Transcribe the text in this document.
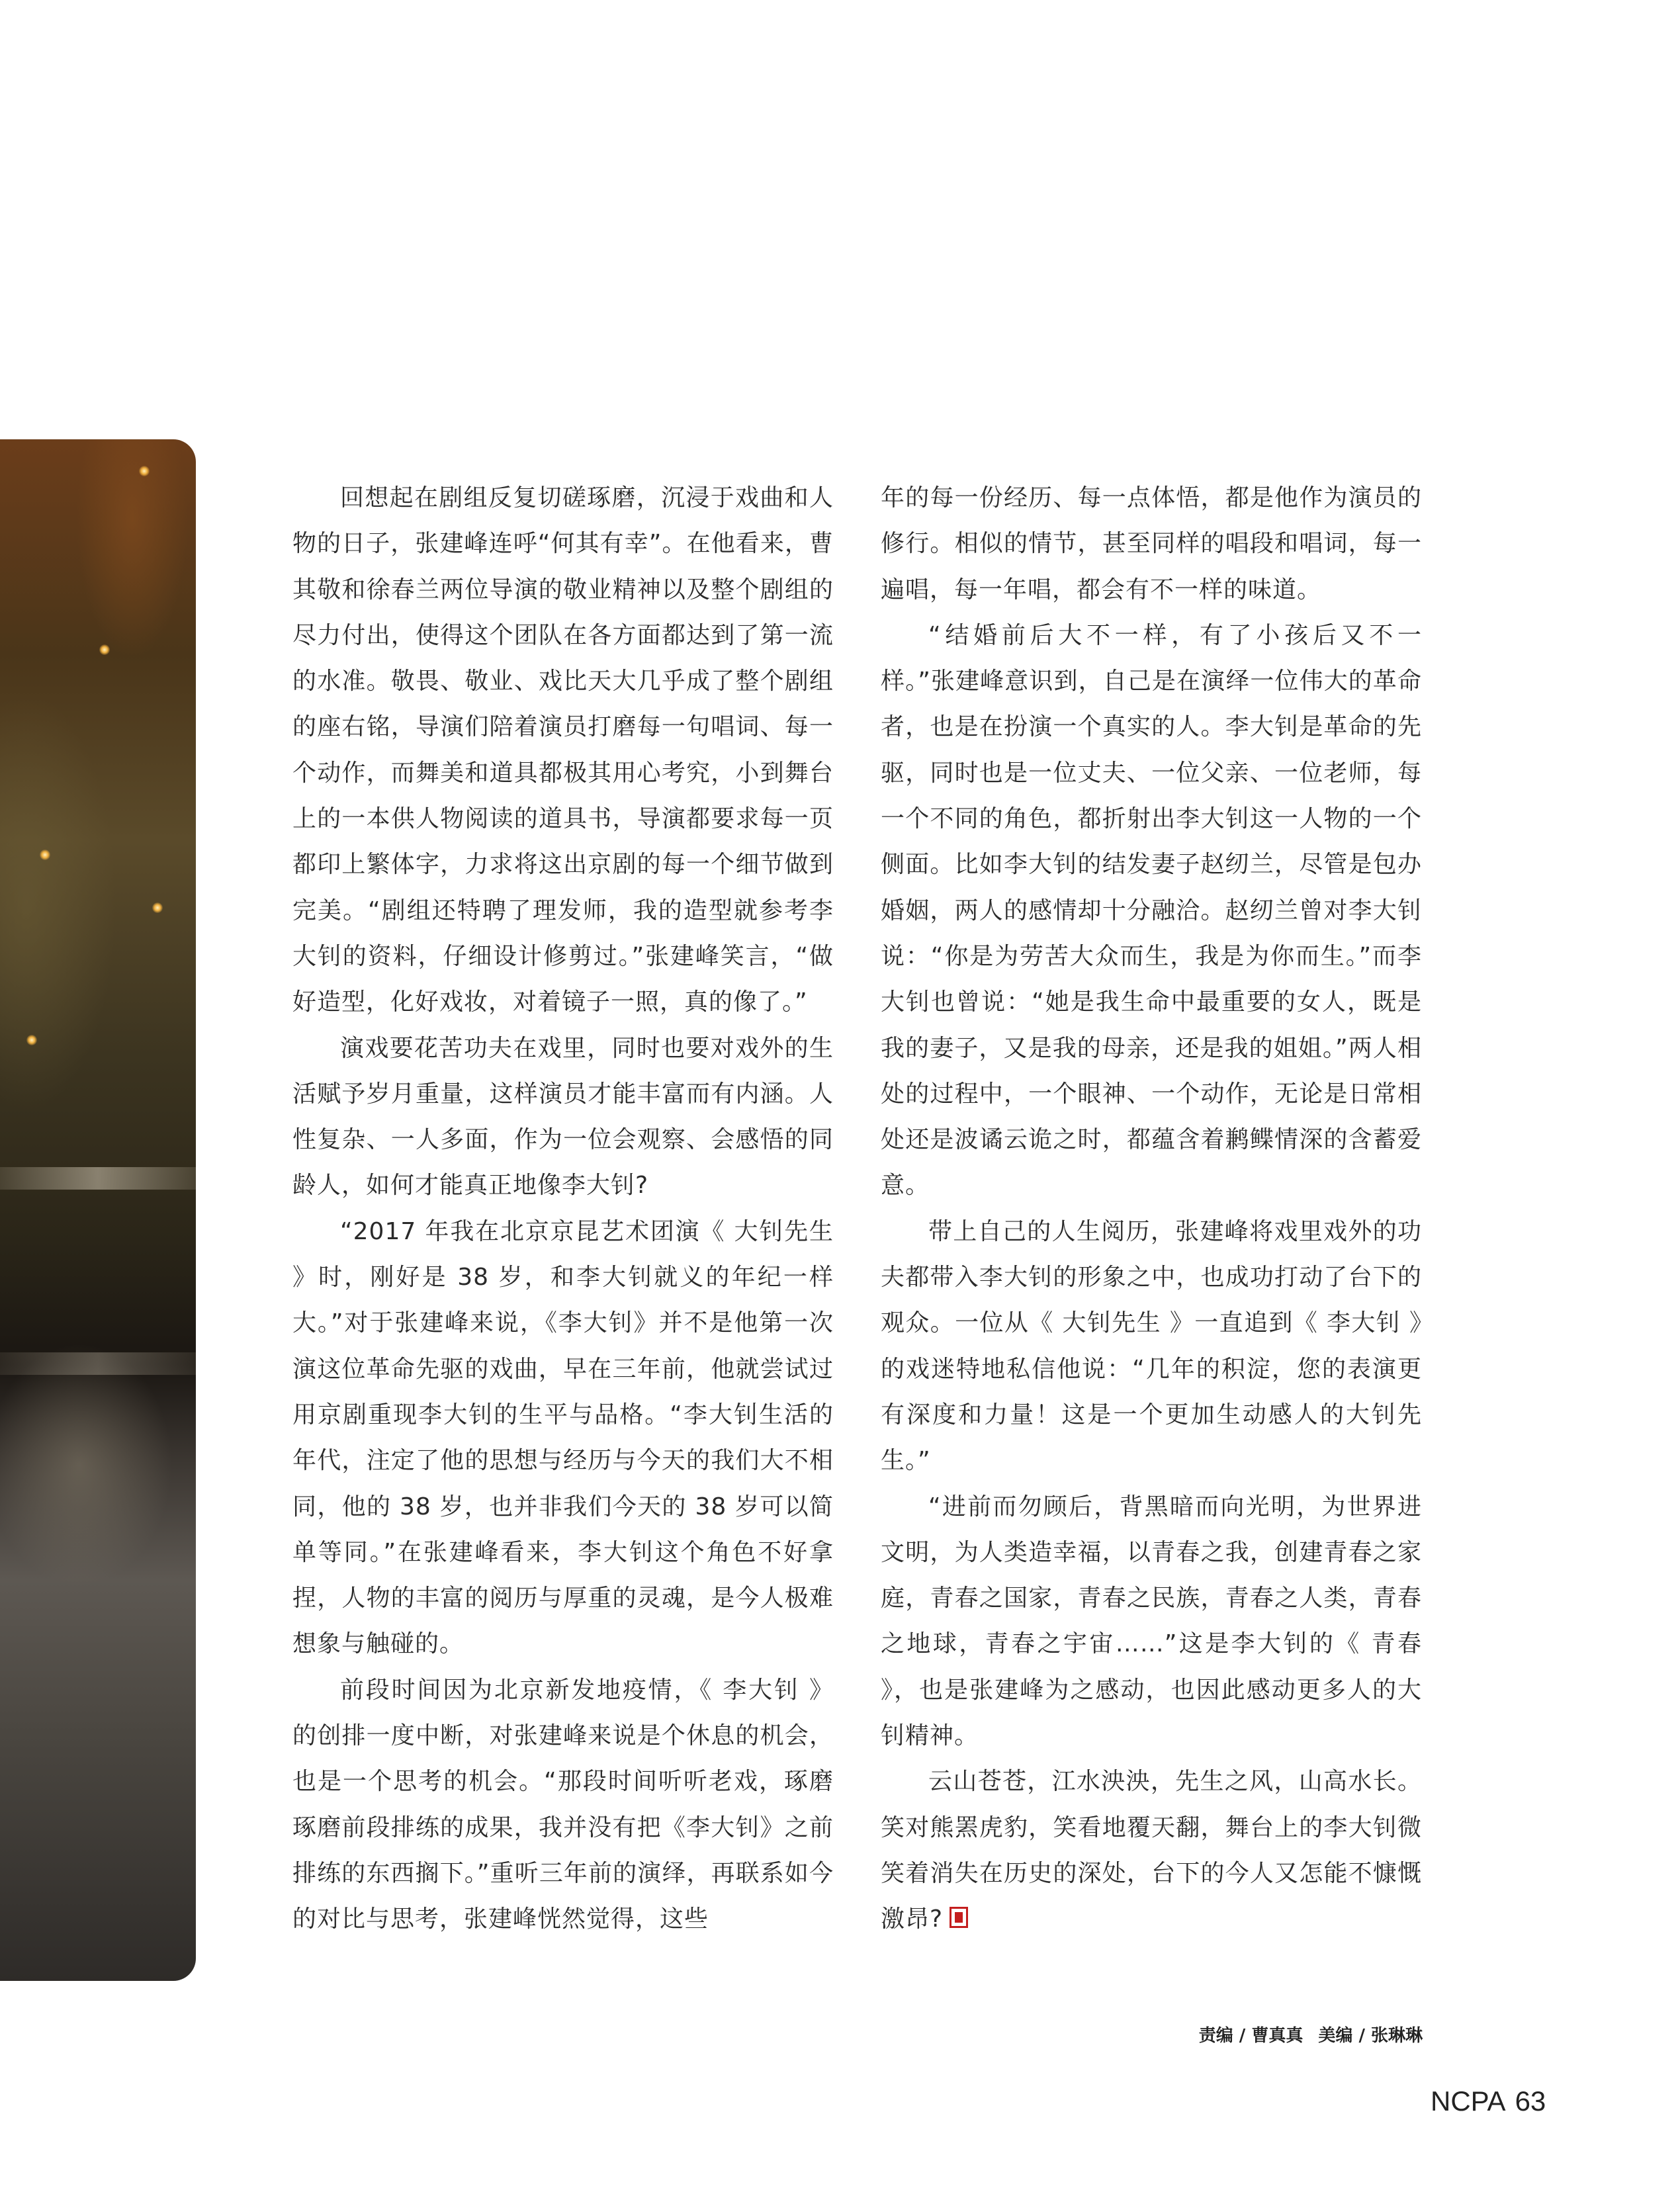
回想起在剧组反复切磋琢磨，沉浸于戏曲和人物的日子，张建峰连呼“何其有幸”。在他看来，曹其敬和徐春兰两位导演的敬业精神以及整个剧组的尽力付出，使得这个团队在各方面都达到了第一流的水准。敬畏、敬业、戏比天大几乎成了整个剧组的座右铭，导演们陪着演员打磨每一句唱词、每一个动作，而舞美和道具都极其用心考究，小到舞台上的一本供人物阅读的道具书，导演都要求每一页都印上繁体字，力求将这出京剧的每一个细节做到完美。“剧组还特聘了理发师，我的造型就参考李大钊的资料，仔细设计修剪过。”张建峰笑言，“做好造型，化好戏妆，对着镜子一照，真的像了。”

演戏要花苦功夫在戏里，同时也要对戏外的生活赋予岁月重量，这样演员才能丰富而有内涵。人性复杂、一人多面，作为一位会观察、会感悟的同龄人，如何才能真正地像李大钊?

“2017 年我在北京京昆艺术团演《 大钊先生 》时，刚好是 38 岁，和李大钊就义的年纪一样大。”对于张建峰来说，《李大钊》并不是他第一次演这位革命先驱的戏曲，早在三年前，他就尝试过用京剧重现李大钊的生平与品格。“李大钊生活的年代，注定了他的思想与经历与今天的我们大不相同，他的 38 岁，也并非我们今天的 38 岁可以简单等同。”在张建峰看来，李大钊这个角色不好拿捏，人物的丰富的阅历与厚重的灵魂，是今人极难想象与触碰的。

前段时间因为北京新发地疫情，《 李大钊 》的创排一度中断，对张建峰来说是个休息的机会，也是一个思考的机会。“那段时间听听老戏，琢磨琢磨前段排练的成果，我并没有把《李大钊》之前排练的东西搁下。”重听三年前的演绎，再联系如今的对比与思考，张建峰恍然觉得，这些

年的每一份经历、每一点体悟，都是他作为演员的修行。相似的情节，甚至同样的唱段和唱词，每一遍唱，每一年唱，都会有不一样的味道。

“结婚前后大不一样，有了小孩后又不一样。”张建峰意识到，自己是在演绎一位伟大的革命者，也是在扮演一个真实的人。李大钊是革命的先驱，同时也是一位丈夫、一位父亲、一位老师，每一个不同的角色，都折射出李大钊这一人物的一个侧面。比如李大钊的结发妻子赵纫兰，尽管是包办婚姻，两人的感情却十分融洽。赵纫兰曾对李大钊说：“你是为劳苦大众而生，我是为你而生。”而李大钊也曾说：“她是我生命中最重要的女人，既是我的妻子，又是我的母亲，还是我的姐姐。”两人相处的过程中，一个眼神、一个动作，无论是日常相处还是波谲云诡之时，都蕴含着鹣鲽情深的含蓄爱意。

带上自己的人生阅历，张建峰将戏里戏外的功夫都带入李大钊的形象之中，也成功打动了台下的观众。一位从《 大钊先生 》一直追到《 李大钊 》的戏迷特地私信他说：“几年的积淀，您的表演更有深度和力量！这是一个更加生动感人的大钊先生。”

“进前而勿顾后，背黑暗而向光明，为世界进文明，为人类造幸福，以青春之我，创建青春之家庭，青春之国家，青春之民族，青春之人类，青春之地球，青春之宇宙……”这是李大钊的《 青春 》，也是张建峰为之感动，也因此感动更多人的大钊精神。

云山苍苍，江水泱泱，先生之风，山高水长。笑对熊罴虎豹，笑看地覆天翻，舞台上的李大钊微笑着消失在历史的深处，台下的今人又怎能不慷慨激昂?

责编 / 曹真真 美编 / 张琳琳
NCPA 63
